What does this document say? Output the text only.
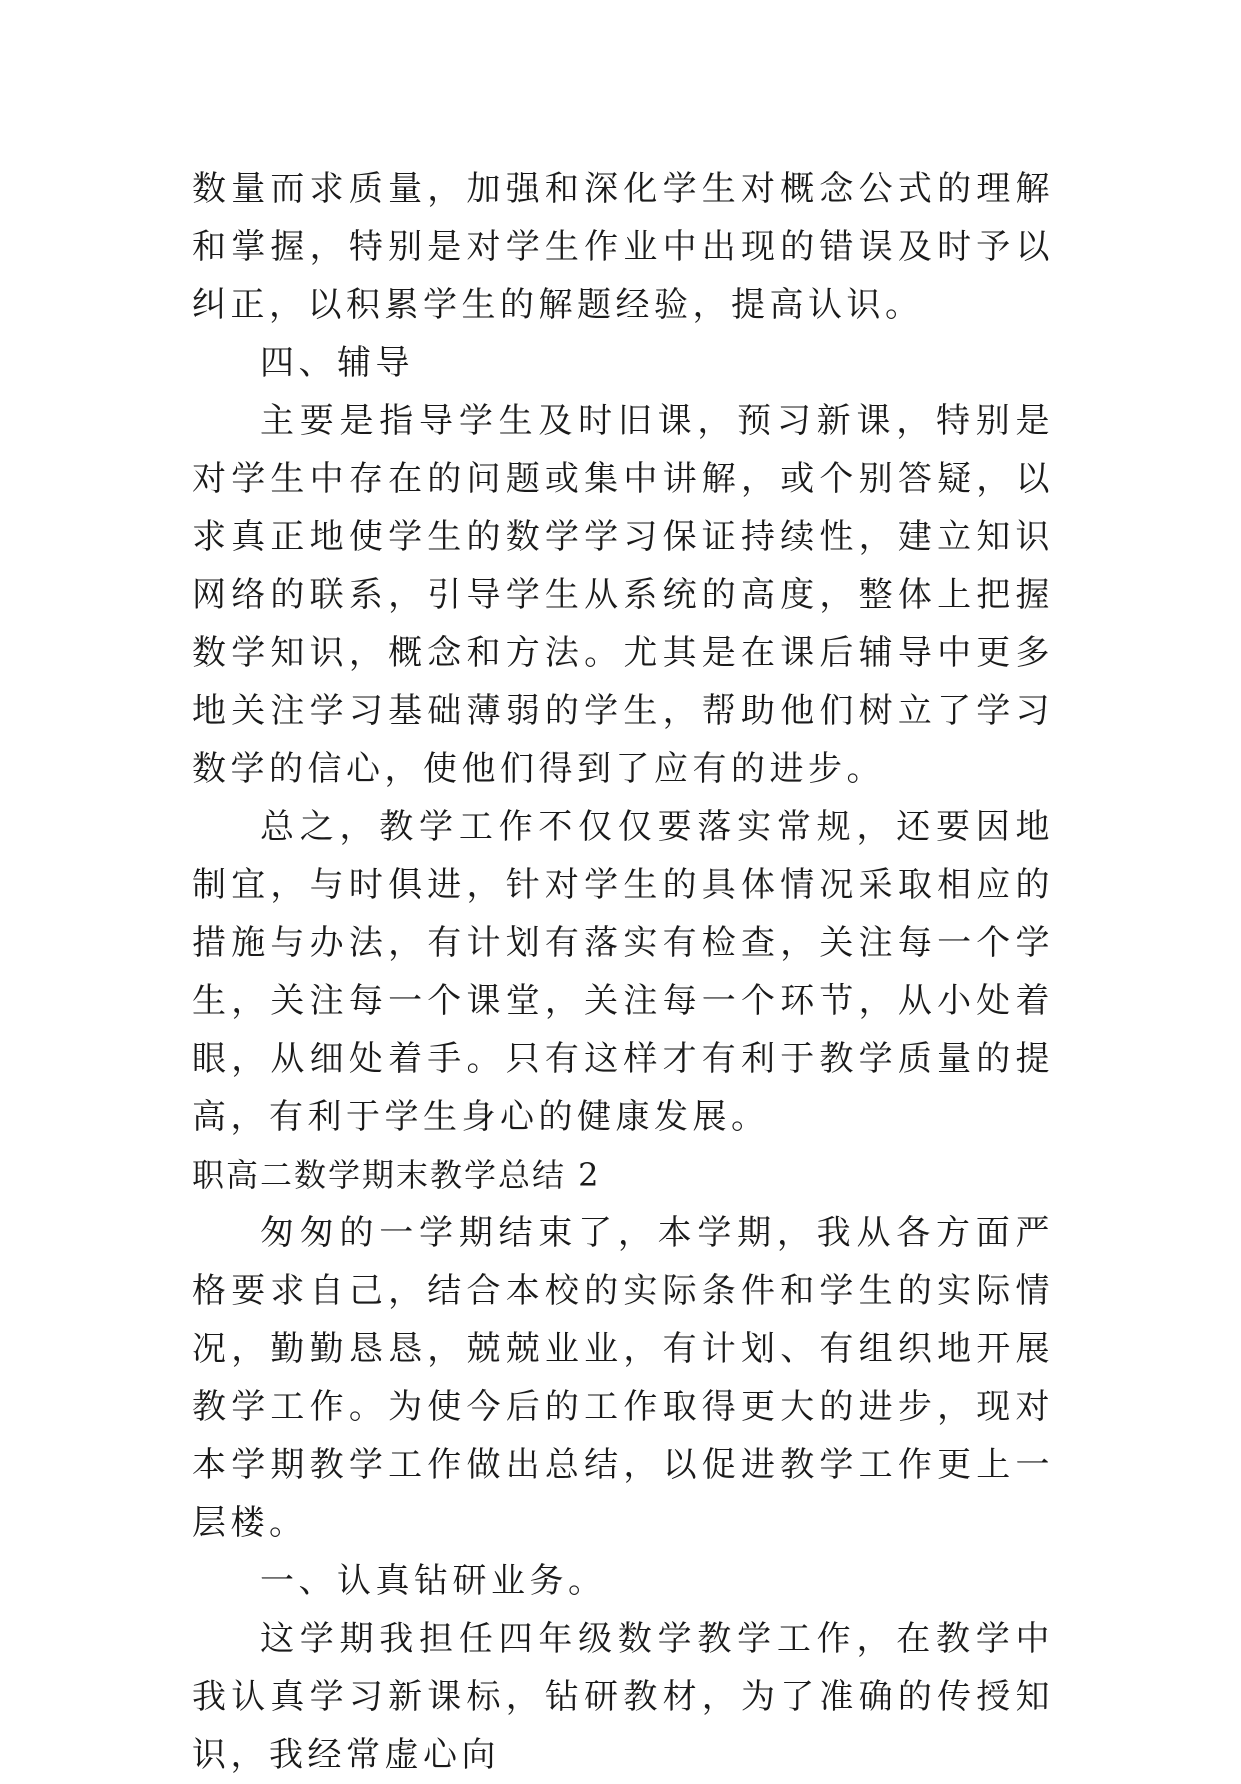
数量而求质量，加强和深化学生对概念公式的理解和掌握，特别是对学生作业中出现的错误及时予以纠正，以积累学生的解题经验，提高认识。

四、辅导

主要是指导学生及时旧课，预习新课，特别是对学生中存在的问题或集中讲解，或个别答疑，以求真正地使学生的数学学习保证持续性，建立知识网络的联系，引导学生从系统的高度，整体上把握数学知识，概念和方法。尤其是在课后辅导中更多地关注学习基础薄弱的学生，帮助他们树立了学习数学的信心，使他们得到了应有的进步。

总之，教学工作不仅仅要落实常规，还要因地制宜，与时俱进，针对学生的具体情况采取相应的措施与办法，有计划有落实有检查，关注每一个学生，关注每一个课堂，关注每一个环节，从小处着眼，从细处着手。只有这样才有利于教学质量的提高，有利于学生身心的健康发展。

职高二数学期末教学总结 2

匆匆的一学期结束了，本学期，我从各方面严格要求自己，结合本校的实际条件和学生的实际情况，勤勤恳恳，兢兢业业，有计划、有组织地开展教学工作。为使今后的工作取得更大的进步，现对本学期教学工作做出总结，以促进教学工作更上一层楼。

一、认真钻研业务。

这学期我担任四年级数学教学工作，在教学中我认真学习新课标，钻研教材，为了准确的传授知识，我经常虚心向
